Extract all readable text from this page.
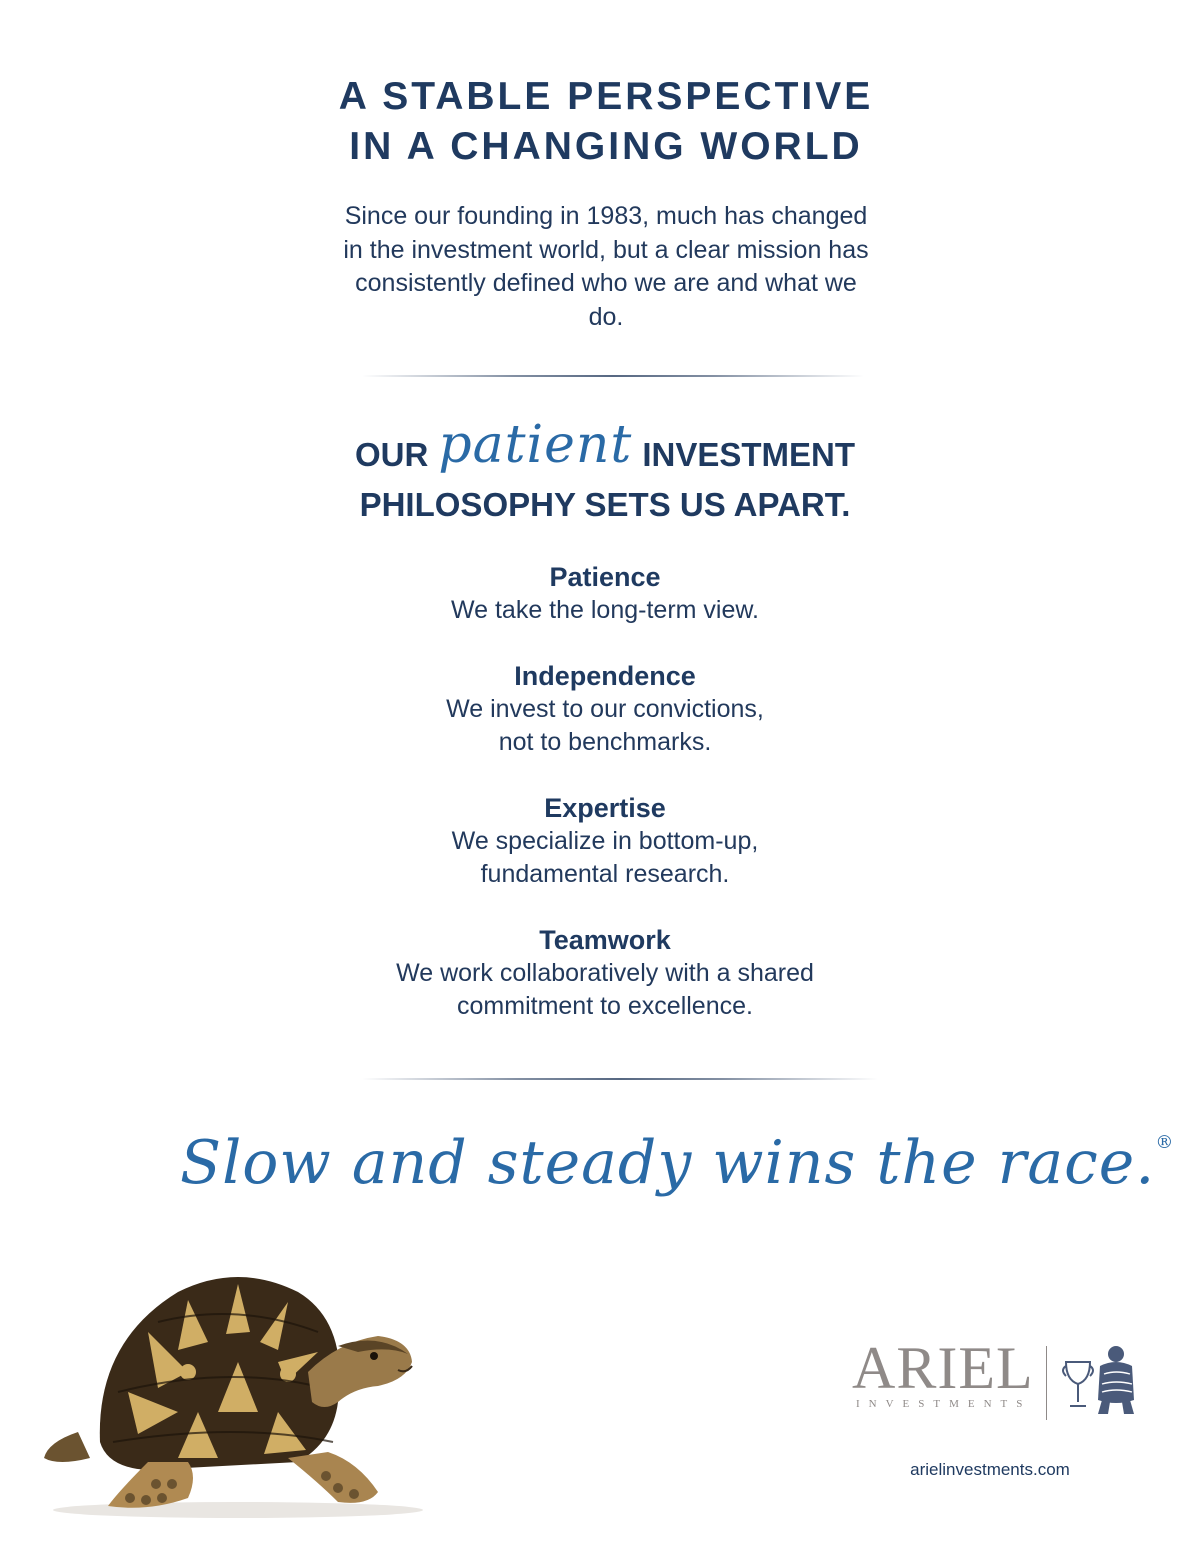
A STABLE PERSPECTIVE
IN A CHANGING WORLD

Since our founding in 1983, much has changed in the investment world, but a clear mission has consistently defined who we are and what we do.

OUR patient INVESTMENT
PHILOSOPHY SETS US APART.
Patience

We take the long-term view.

Independence

We invest to our convictions,
not to benchmarks.

Expertise

We specialize in bottom-up,
fundamental research.

Teamwork

We work collaboratively with a shared
commitment to excellence.

Slow and steady wins the race.®
ARIEL
INVESTMENTS
arielinvestments.com
